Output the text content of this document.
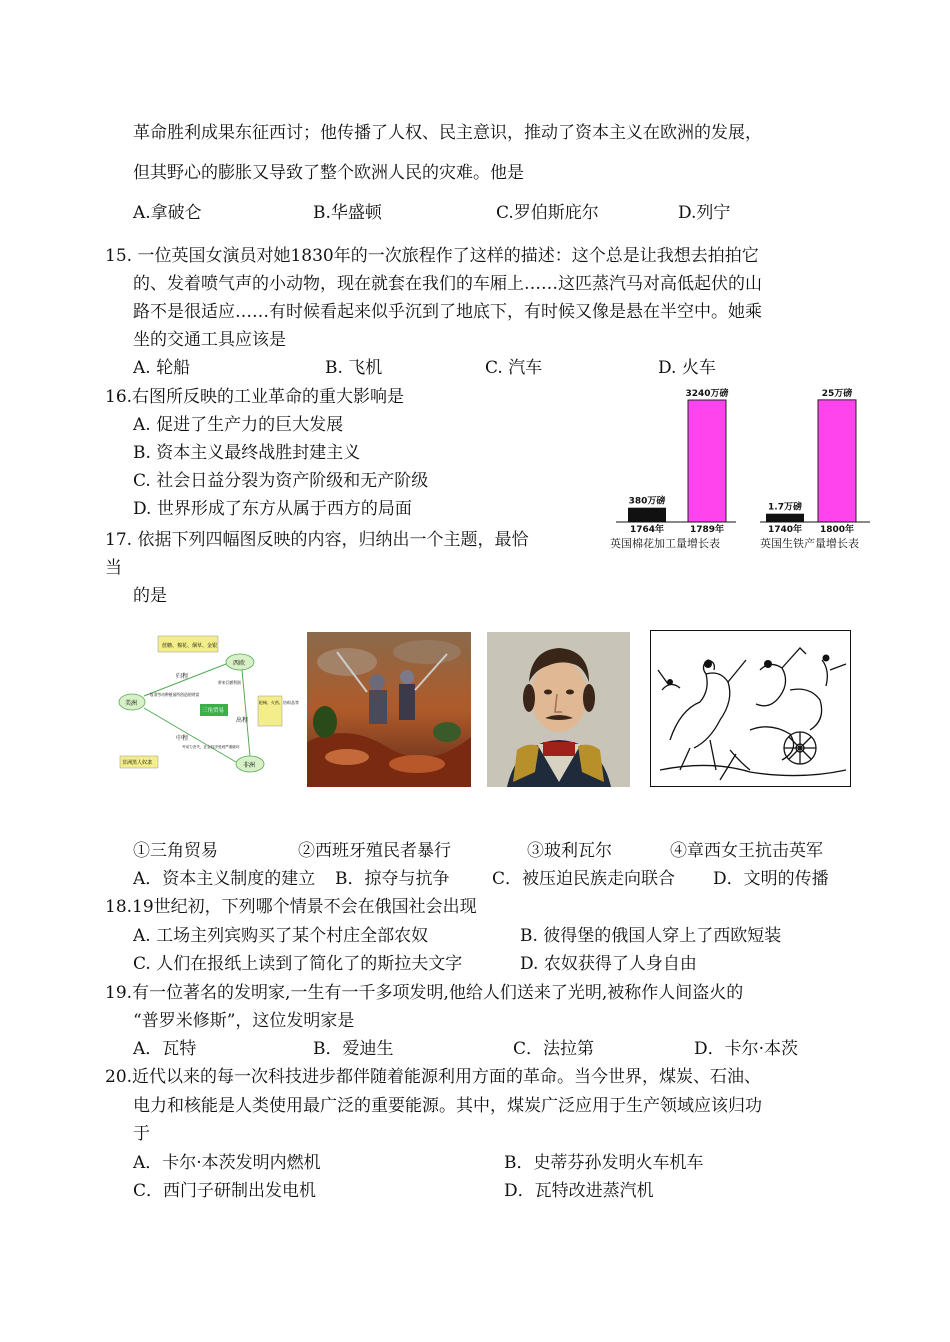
革命胜利成果东征西讨；他传播了人权、民主意识，推动了资本主义在欧洲的发展，
但其野心的膨胀又导致了整个欧洲人民的灾难。他是
A.拿破仑	B.华盛顿	C.罗伯斯庇尔	D.列宁
15. 一位英国女演员对她1830年的一次旅程作了这样的描述：这个总是让我想去拍拍它
的、发着喷气声的小动物，现在就套在我们的车厢上……这匹蒸汽马对高低起伏的山
路不是很适应……有时候看起来似乎沉到了地底下，有时候又像是悬在半空中。她乘
坐的交通工具应该是
A. 轮船	B. 飞机	C. 汽车	D. 火车
16.右图所反映的工业革命的重大影响是
A. 促进了生产力的巨大发展
B. 资本主义最终战胜封建主义
C. 社会日益分裂为资产阶级和无产阶级
D. 世界形成了东方从属于西方的局面	380万磅
1764年
3240万磅
1789年
英国棉花加工量增长表
1.7万磅
1740年
25万磅
1800年
英国生铁产量增长表
17. 依据下列四幅图反映的内容，归纳出一个主题，最恰
当
的是
蔗糖、棉花、烟草、金银
西欧
美洲
非洲
归程
出程
中程
三角贸易
枪械、火药、纺织品等
一奴隶劳动种植园所创造的财富
带来巨额利润
劳动力丧失，社会经济受到严重破坏
非洲黑人奴隶
①三角贸易	②西班牙殖民者暴行	③玻利瓦尔	④章西女王抗击英军
A．资本主义制度的建立 B．掠夺与抗争	C．被压迫民族走向联合 D．文明的传播
18.19世纪初，下列哪个情景不会在俄国社会出现
A. 工场主列宾购买了某个村庄全部农奴	B. 彼得堡的俄国人穿上了西欧短装
C. 人们在报纸上读到了简化了的斯拉夫文字	D. 农奴获得了人身自由
19.有一位著名的发明家,一生有一千多项发明,他给人们送来了光明,被称作人间盗火的
“普罗米修斯”，这位发明家是
A．瓦特	B．爱迪生	C．法拉第	D．卡尔·本茨
20.近代以来的每一次科技进步都伴随着能源利用方面的革命。当今世界，煤炭、石油、
电力和核能是人类使用最广泛的重要能源。其中，煤炭广泛应用于生产领域应该归功
于
A．卡尔·本茨发明内燃机	B．史蒂芬孙发明火车机车
C．西门子研制出发电机	D．瓦特改进蒸汽机
